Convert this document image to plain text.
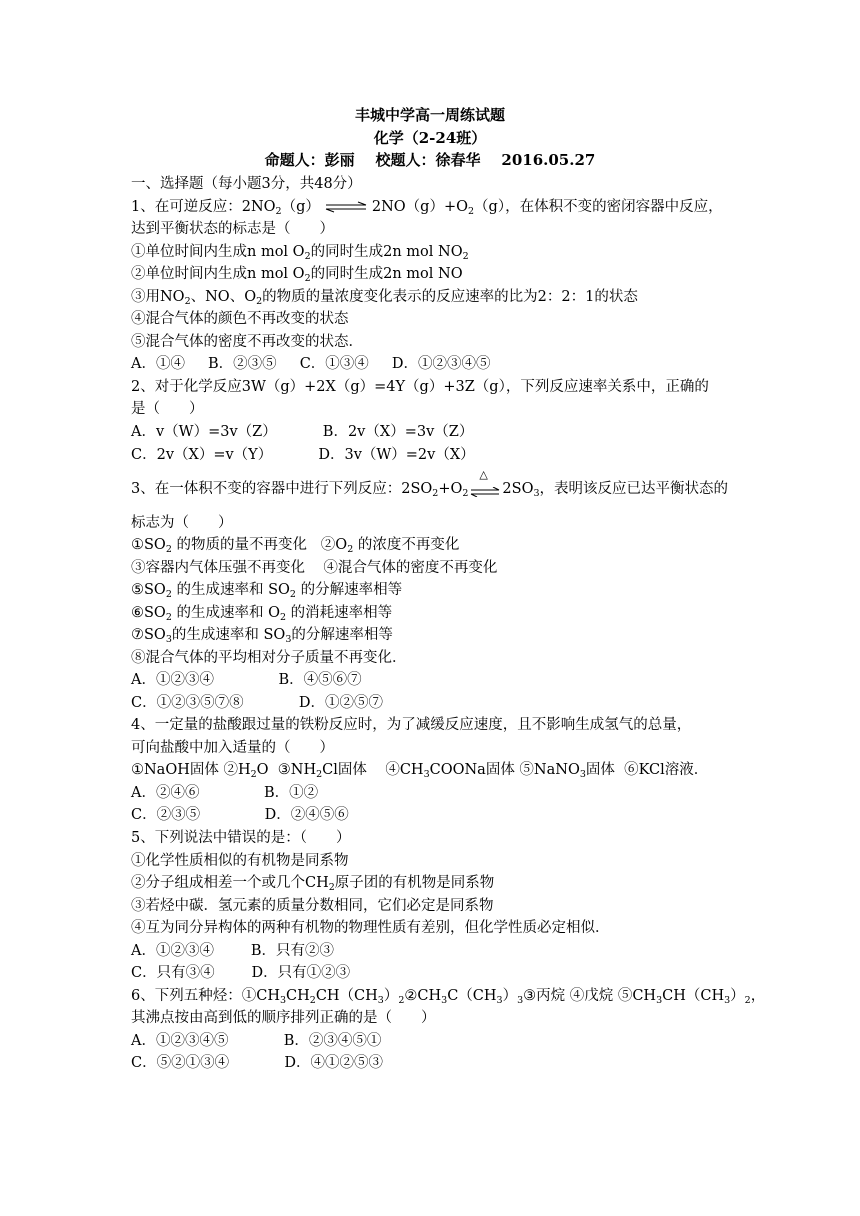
丰城中学高一周练试题
化学（2-24班）
命题人：彭丽    校题人：徐春华    2016.05.27
一、选择题（每小题3分，共48分）
1、在可逆反应：$2NO_2(g)$ ⇌ $2NO(g)+O_2(g)$，在体积不变的密闭容器中反应，
达到平衡状态的标志是（　　）
①单位时间内生成n mol $O_2$的同时生成2n mol $NO_2$
②单位时间内生成n mol $O_2$的同时生成2n mol NO
③用$NO_2$、NO、$O_2$的物质的量浓度变化表示的反应速率的比为2：2：1的状态
④混合气体的颜色不再改变的状态
⑤混合气体的密度不再改变的状态．
A．①④     B．②③⑤     C．①③④     D．①②③④⑤
2、对于化学反应3W（g）+2X（g）=4Y（g）+3Z（g），下列反应速率关系中，正确的
是（　　）
A．v（W）=3v（Z）          B．2v（X）=3v（Z）
C．2v（X）=v（Y）          D．3v（W）=2v（X）
3、在一体积不变的容器中进行下列反应：$2SO_2+O_2$
△
$2SO_3$，表明该反应已达平衡状态的
标志为（　　）
$①SO_2$ 的物质的量不再变化   $②O_2$ 的浓度不再变化
③容器内气体压强不再变化    ④混合气体的密度不再变化
$⑤SO_2$ 的生成速率和 $SO_2$ 的分解速率相等
$⑥SO_2$ 的生成速率和 $O_2$ 的消耗速率相等
$⑦SO_3$的生成速率和 $SO_3$的分解速率相等
⑧混合气体的平均相对分子质量不再变化．
A．①②③④              B．④⑤⑥⑦
C．①②③⑤⑦⑧            D．①②⑤⑦
4、一定量的盐酸跟过量的铁粉反应时，为了减缓反应速度，且不影响生成氢气的总量，
可向盐酸中加入适量的（　　）
①NaOH固体 $②H_2O$  $③NH_2Cl$固体    $④CH_3COONa$固体 ⑤NaNO$_3$固体  ⑥KCl溶液．
A．②④⑥              B．①②
C．②③⑤              D．②④⑤⑥
5、下列说法中错误的是：（　　）
①化学性质相似的有机物是同系物
②分子组成相差一个或几个$CH_2$原子团的有机物是同系物
③若烃中碳．氢元素的质量分数相同，它们必定是同系物
④互为同分异构体的两种有机物的物理性质有差别，但化学性质必定相似．
A．①②③④        B．只有②③
C．只有③④        D．只有①②③
6、下列五种烃：$①CH_3CH_2CH(CH_3)_2②CH_3C(CH_3)_3③$丙烷 ④戊烷 $⑤CH_3CH(CH_3)_2$，
其沸点按由高到低的顺序排列正确的是（　　）
A．①②③④⑤            B．②③④⑤①
C．⑤②①③④            D．④①②⑤③
